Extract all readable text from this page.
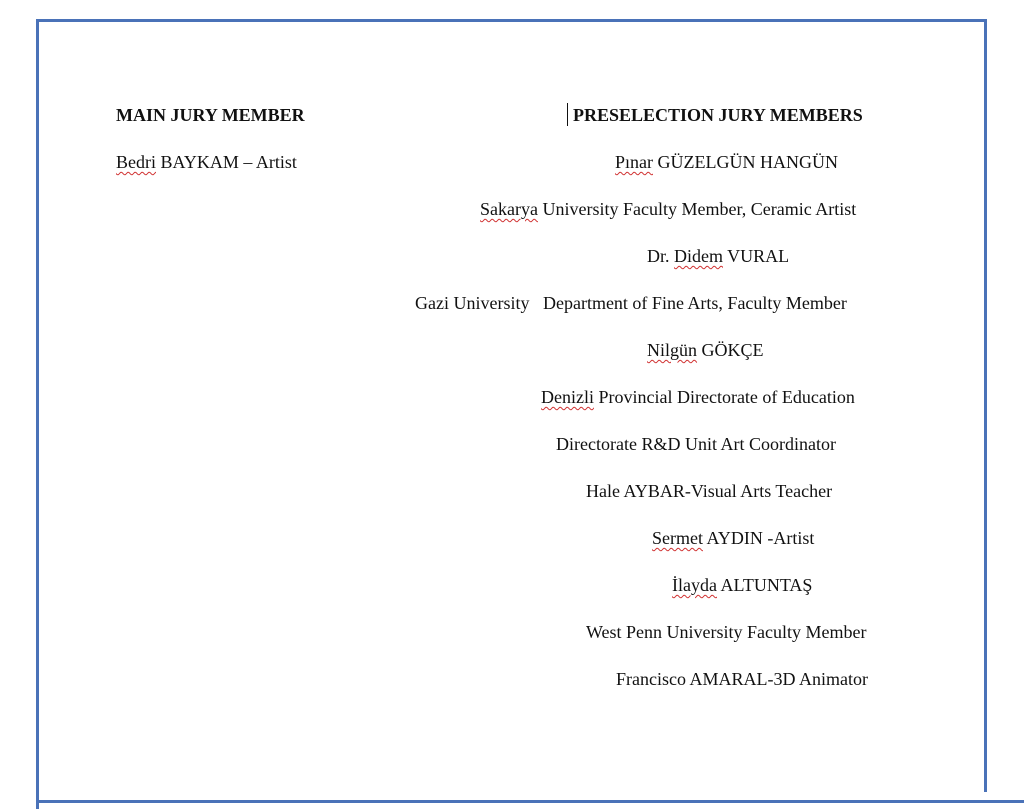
MAIN JURY MEMBER
Bedri BAYKAM – Artist
PRESELECTION JURY MEMBERS
Pınar GÜZELGÜN HANGÜN
Sakarya University Faculty Member, Ceramic Artist
Dr. Didem VURAL
Gazi University   Department of Fine Arts, Faculty Member
Nilgün GÖKÇE
Denizli Provincial Directorate of Education
Directorate R&D Unit Art Coordinator
Hale AYBAR-Visual Arts Teacher
Sermet AYDIN -Artist
İlayda ALTUNTAŞ
West Penn University Faculty Member
Francisco AMARAL-3D Animator
